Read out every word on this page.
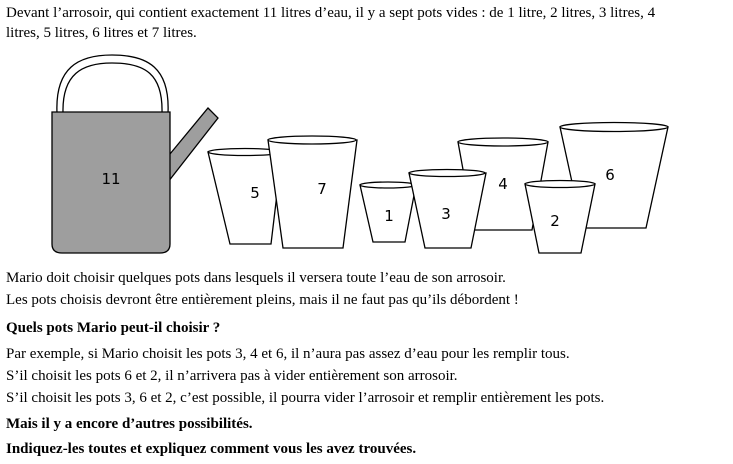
Devant l’arrosoir, qui contient exactement 11 litres d’eau, il y a sept pots vides : de 1 litre, 2 litres, 3 litres, 4 litres, 5 litres, 6 litres et 7 litres.

11
5	7	4	6
1	3	2

Mario doit choisir quelques pots dans lesquels il versera toute l’eau de son arrosoir.

Les pots choisis devront être entièrement pleins, mais il ne faut pas qu’ils débordent !

Quels pots Mario peut-il choisir ?

Par exemple, si Mario choisit les pots 3, 4 et 6, il n’aura pas assez d’eau pour les remplir tous.

S’il choisit les pots 6 et 2, il n’arrivera pas à vider entièrement son arrosoir.

S’il choisit les pots 3, 6 et 2, c’est possible, il pourra vider l’arrosoir et remplir entièrement les pots.

Mais il y a encore d’autres possibilités.

Indiquez-les toutes et expliquez comment vous les avez trouvées.
